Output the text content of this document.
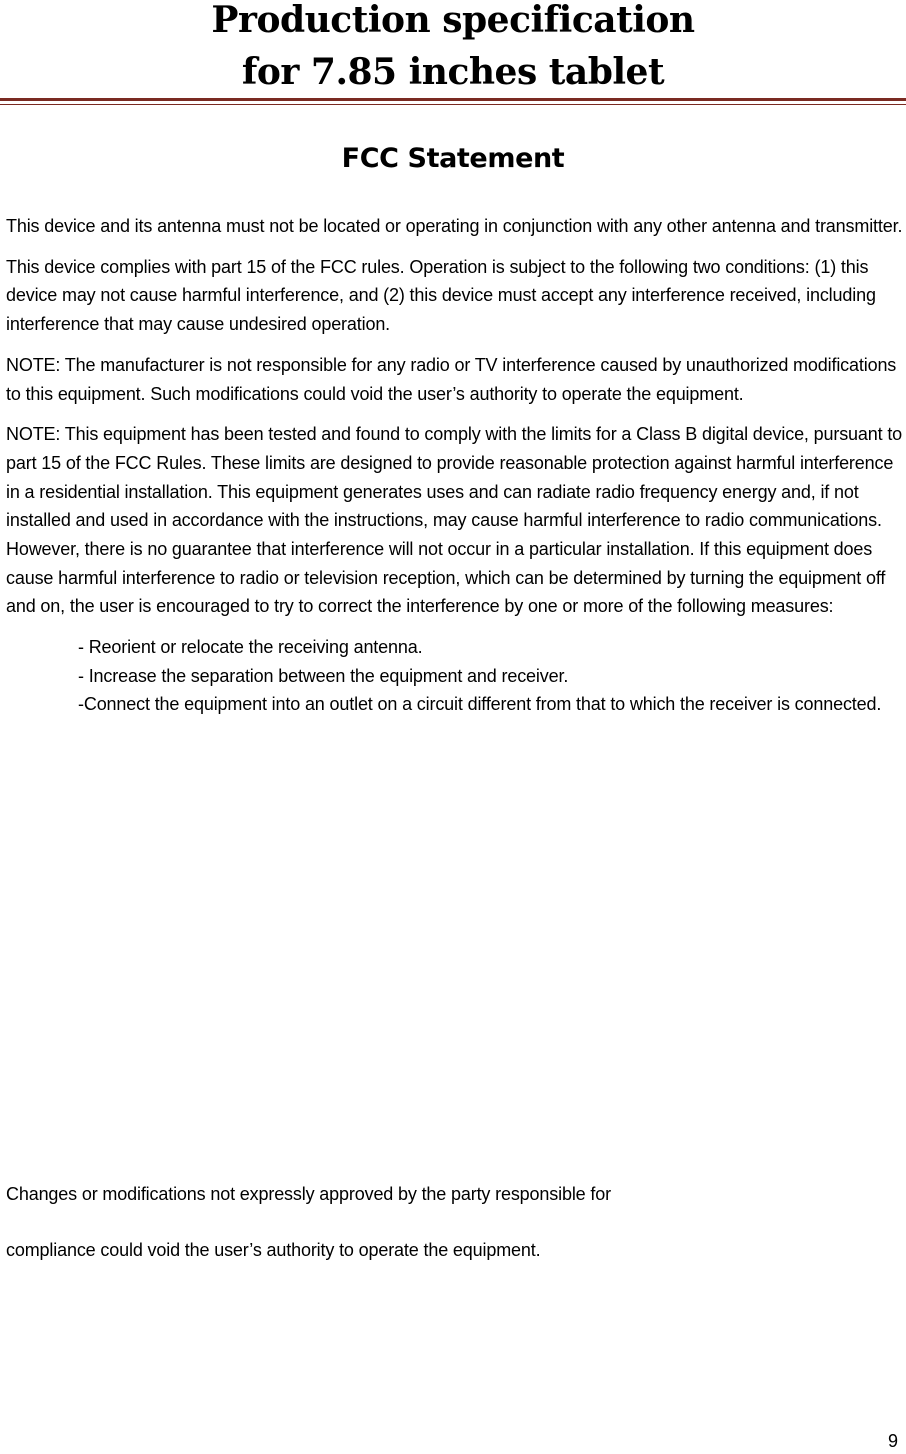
Production specification
for 7.85 inches tablet
FCC Statement

This device and its antenna must not be located or operating in conjunction with any other antenna and transmitter.

This device complies with part 15 of the FCC rules. Operation is subject to the following two conditions: (1) this device may not cause harmful interference, and (2) this device must accept any interference received, including interference that may cause undesired operation.

NOTE: The manufacturer is not responsible for any radio or TV interference caused by unauthorized modifications to this equipment. Such modifications could void the user’s authority to operate the equipment.

NOTE: This equipment has been tested and found to comply with the limits for a Class B digital device, pursuant to part 15 of the FCC Rules. These limits are designed to provide reasonable protection against harmful interference in a residential installation. This equipment generates uses and can radiate radio frequency energy and, if not installed and used in accordance with the instructions, may cause harmful interference to radio communications. However, there is no guarantee that interference will not occur in a particular installation. If this equipment does cause harmful interference to radio or television reception, which can be determined by turning the equipment off and on, the user is encouraged to try to correct the interference by one or more of the following measures:

- Reorient or relocate the receiving antenna.
- Increase the separation between the equipment and receiver.
-Connect the equipment into an outlet on a circuit different from that to which the receiver is connected.
Changes or modifications not expressly approved by the party responsible for
compliance could void the user’s authority to operate the equipment.
9
